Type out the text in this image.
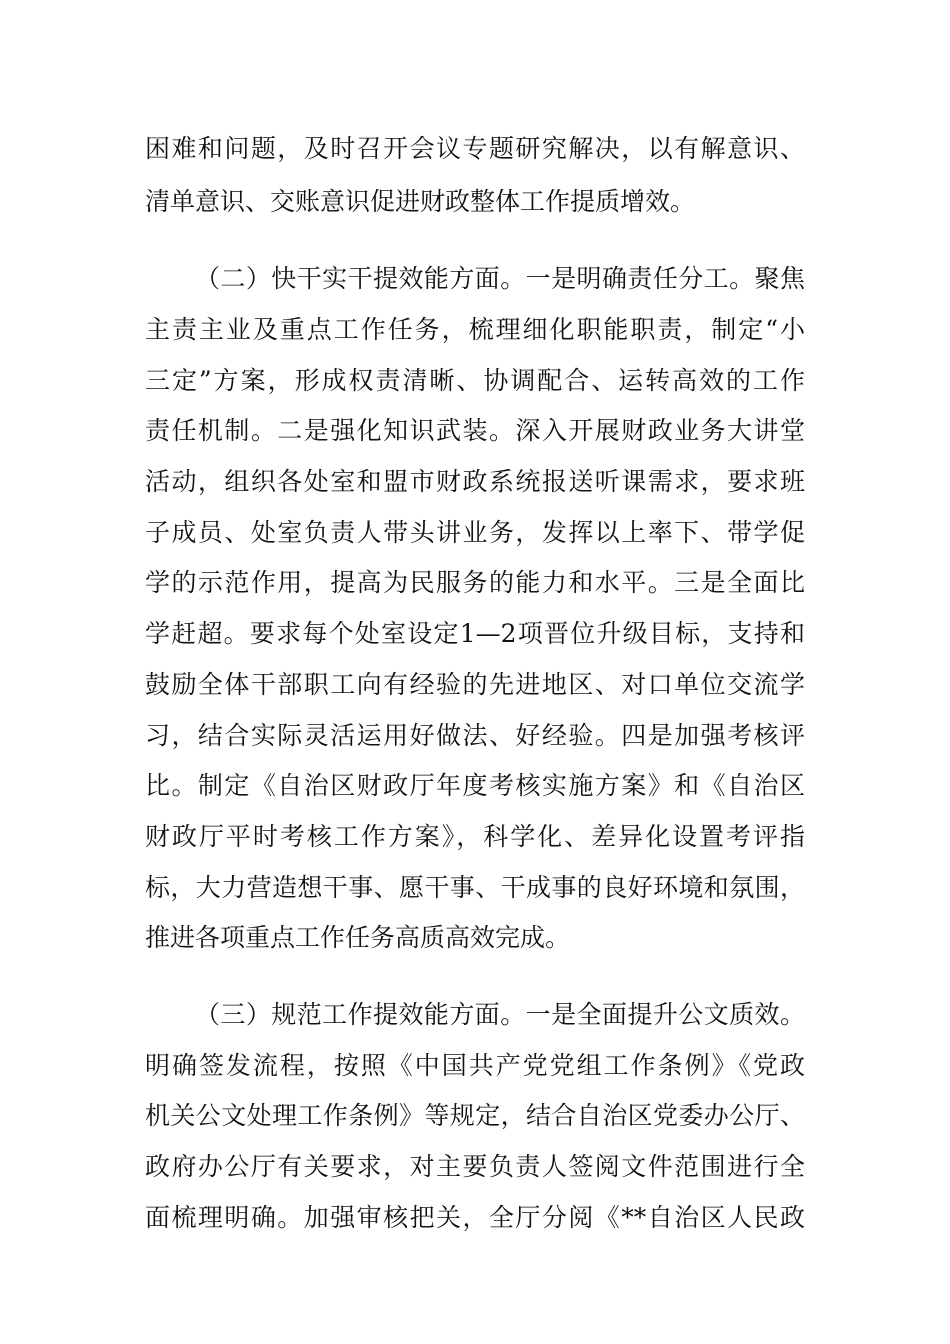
困难和问题，及时召开会议专题研究解决，以有解意识、
清单意识、交账意识促进财政整体工作提质增效。
（二）快干实干提效能方面。一是明确责任分工。聚焦
主责主业及重点工作任务，梳理细化职能职责，制定“小
三定”方案，形成权责清晰、协调配合、运转高效的工作
责任机制。二是强化知识武装。深入开展财政业务大讲堂
活动，组织各处室和盟市财政系统报送听课需求，要求班
子成员、处室负责人带头讲业务，发挥以上率下、带学促
学的示范作用，提高为民服务的能力和水平。三是全面比
学赶超。要求每个处室设定1—2项晋位升级目标，支持和
鼓励全体干部职工向有经验的先进地区、对口单位交流学
习，结合实际灵活运用好做法、好经验。四是加强考核评
比。制定《自治区财政厅年度考核实施方案》和《自治区
财政厅平时考核工作方案》，科学化、差异化设置考评指
标，大力营造想干事、愿干事、干成事的良好环境和氛围，
推进各项重点工作任务高质高效完成。
（三）规范工作提效能方面。一是全面提升公文质效。
明确签发流程，按照《中国共产党党组工作条例》《党政
机关公文处理工作条例》等规定，结合自治区党委办公厅、
政府办公厅有关要求，对主要负责人签阅文件范围进行全
面梳理明确。加强审核把关，全厅分阅《**自治区人民政
